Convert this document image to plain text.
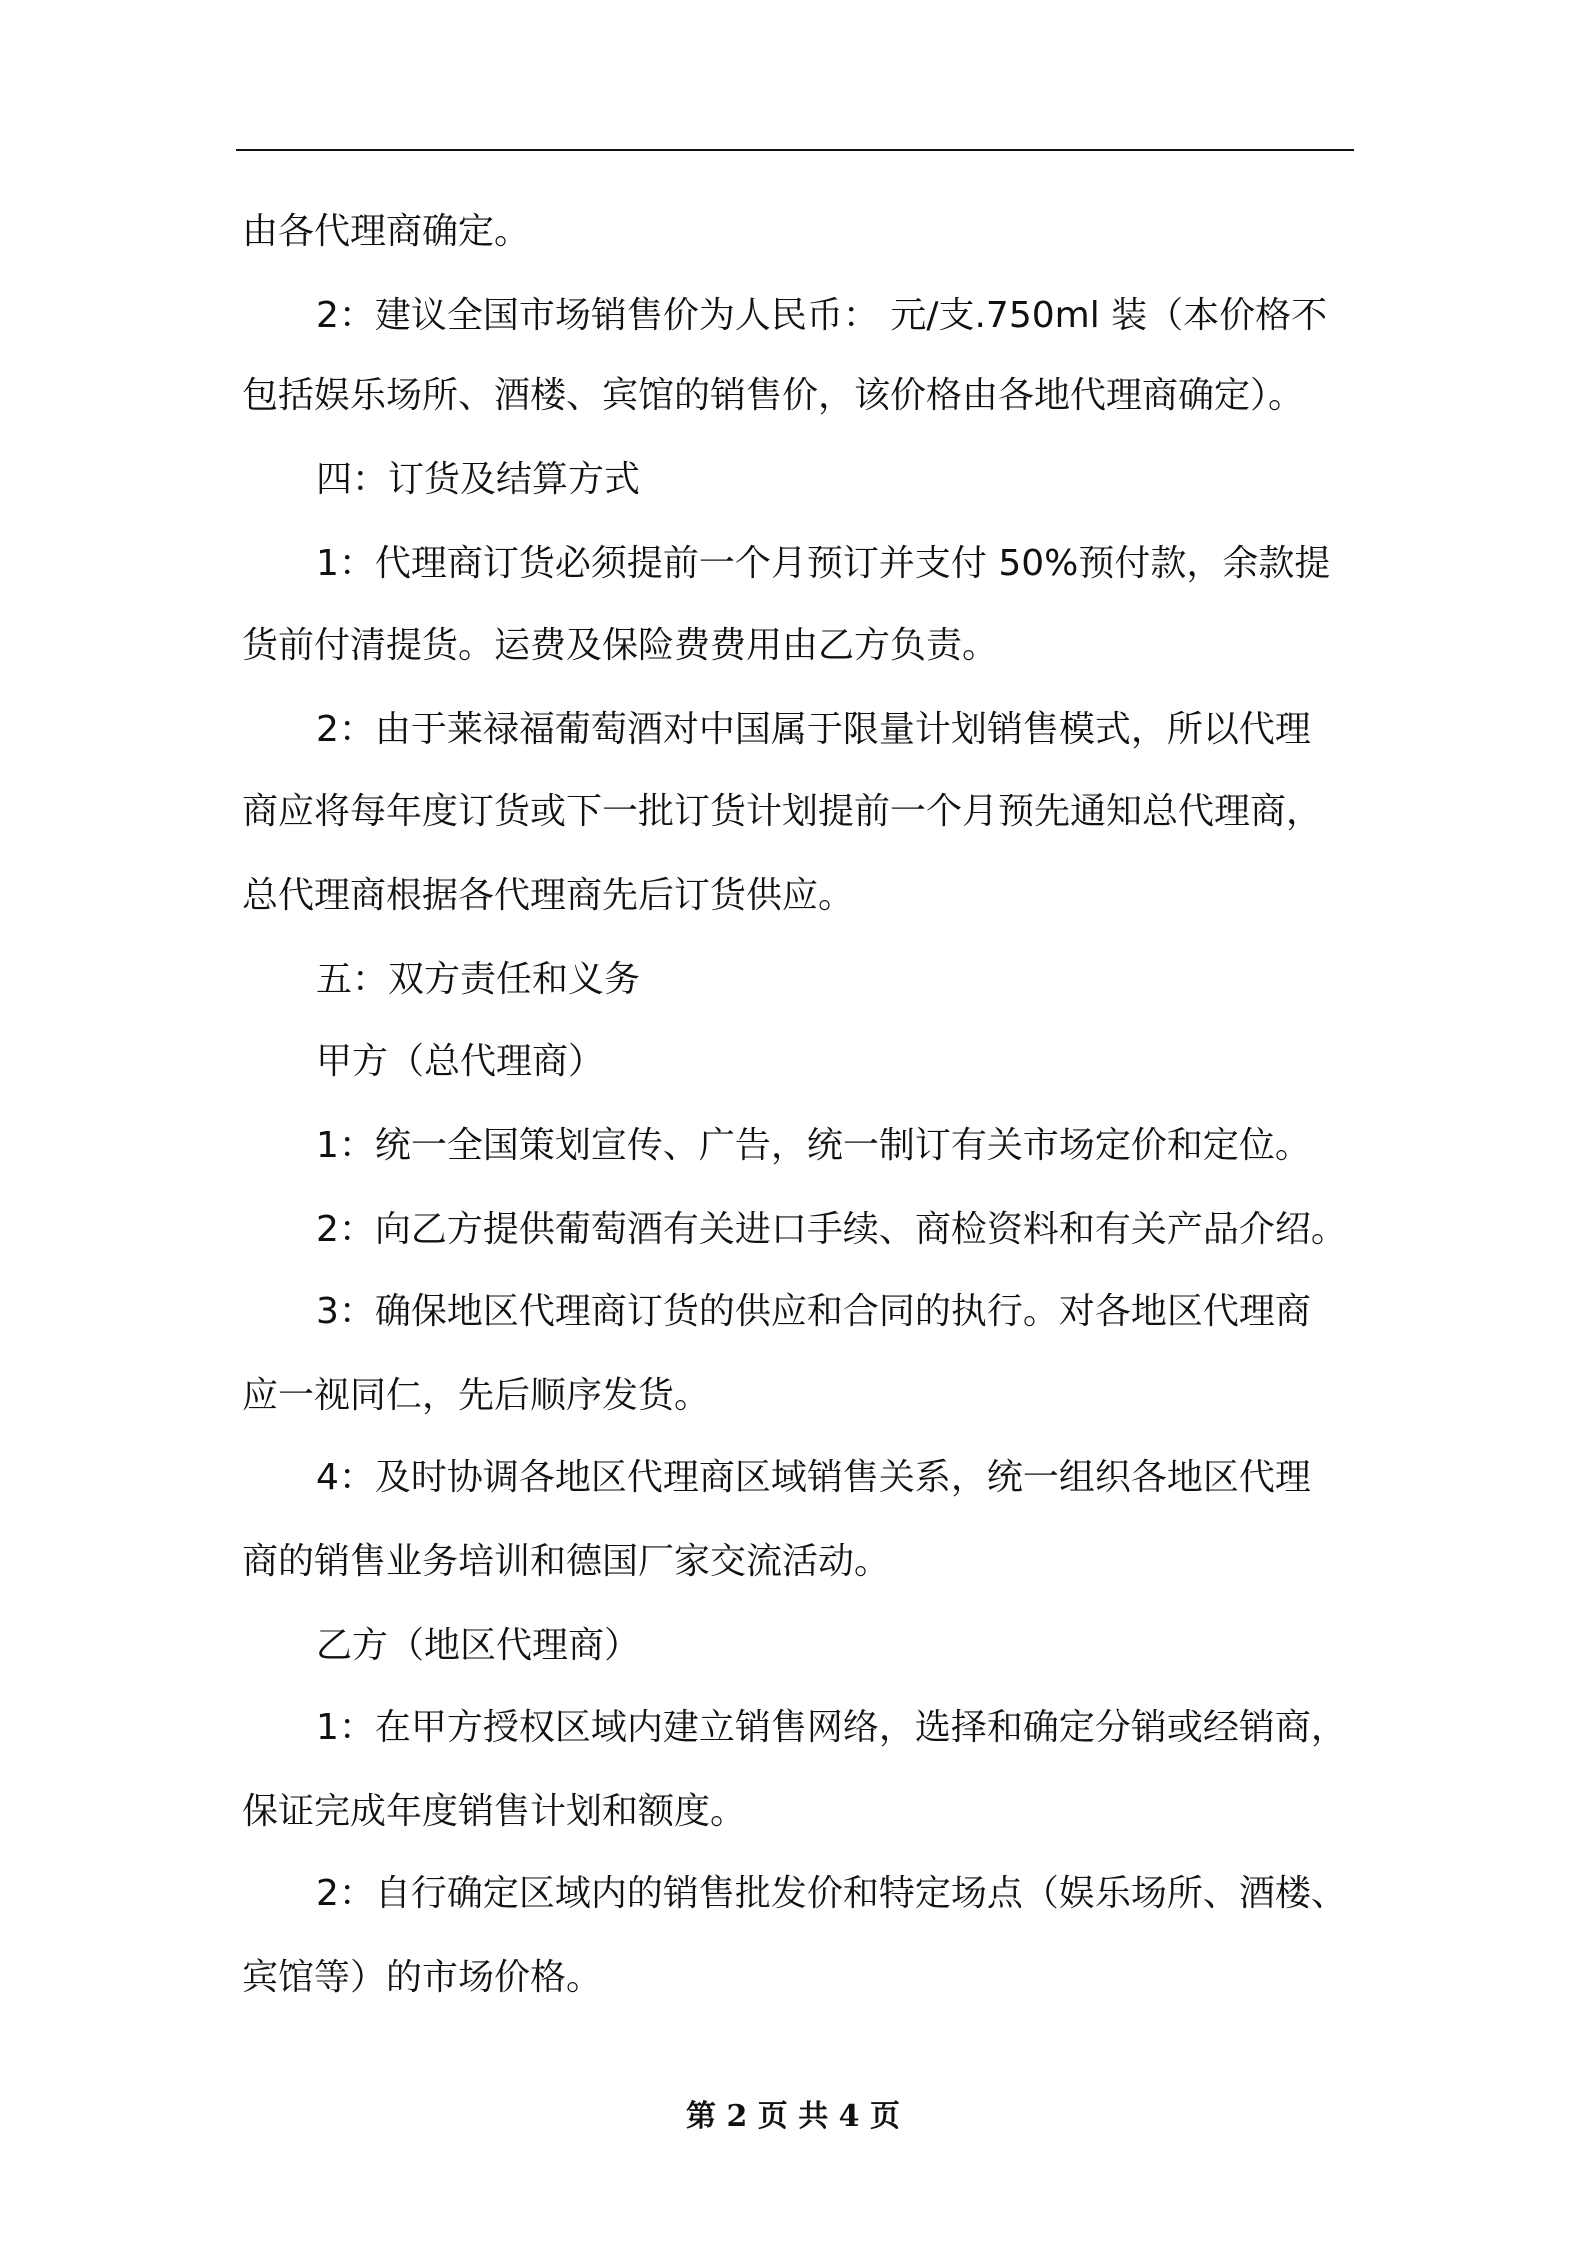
由各代理商确定。
2：建议全国市场销售价为人民币： 元/支.750ml 装（本价格不
包括娱乐场所、酒楼、宾馆的销售价，该价格由各地代理商确定）。
四：订货及结算方式
1：代理商订货必须提前一个月预订并支付 50%预付款，余款提
货前付清提货。运费及保险费费用由乙方负责。
2：由于莱禄福葡萄酒对中国属于限量计划销售模式，所以代理
商应将每年度订货或下一批订货计划提前一个月预先通知总代理商，
总代理商根据各代理商先后订货供应。
五：双方责任和义务
甲方（总代理商）
1：统一全国策划宣传、广告，统一制订有关市场定价和定位。
2：向乙方提供葡萄酒有关进口手续、商检资料和有关产品介绍。
3：确保地区代理商订货的供应和合同的执行。对各地区代理商
应一视同仁，先后顺序发货。
4：及时协调各地区代理商区域销售关系，统一组织各地区代理
商的销售业务培训和德国厂家交流活动。
乙方（地区代理商）
1：在甲方授权区域内建立销售网络，选择和确定分销或经销商，
保证完成年度销售计划和额度。
2：自行确定区域内的销售批发价和特定场点（娱乐场所、酒楼、
宾馆等）的市场价格。
第 2 页 共 4 页
